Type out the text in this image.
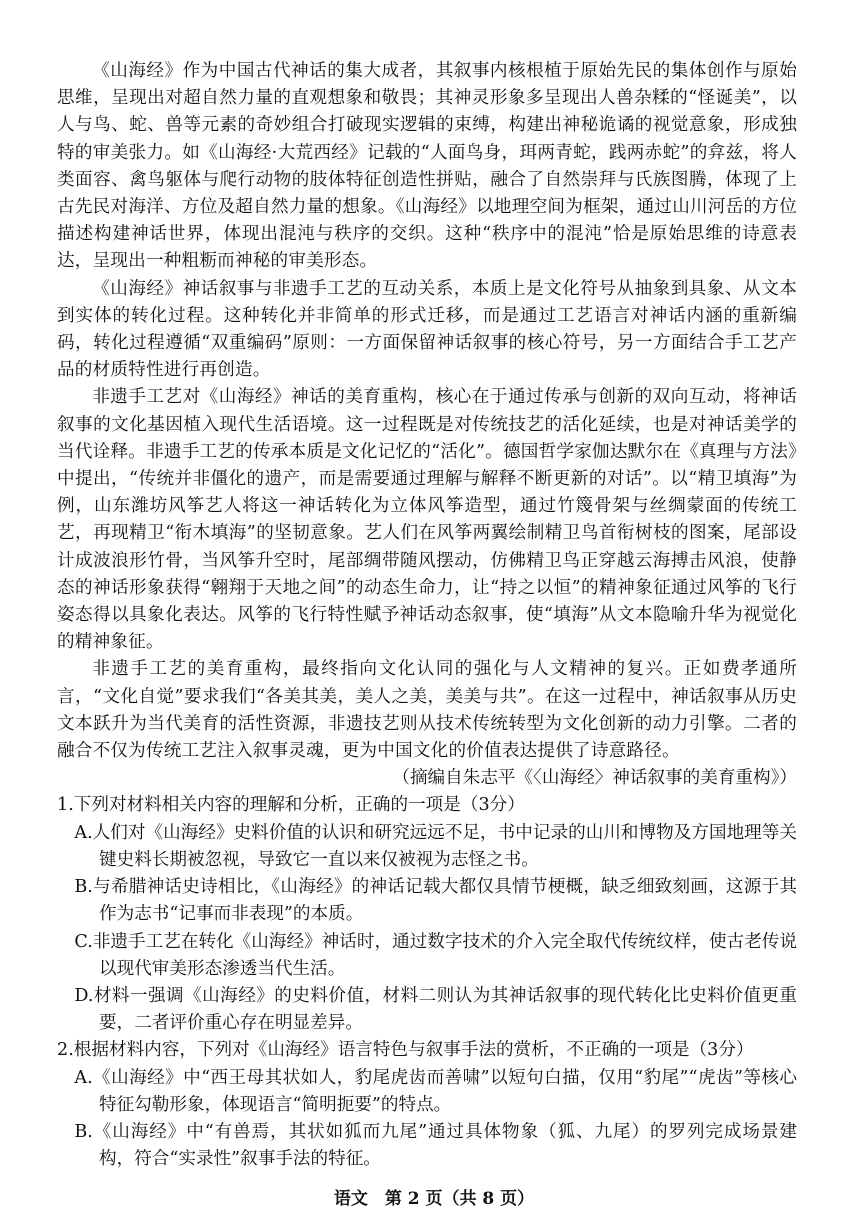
《山海经》作为中国古代神话的集大成者，其叙事内核根植于原始先民的集体创作与原始思维，呈现出对超自然力量的直观想象和敬畏；其神灵形象多呈现出人兽杂糅的“怪诞美”，以人与鸟、蛇、兽等元素的奇妙组合打破现实逻辑的束缚，构建出神秘诡谲的视觉意象，形成独特的审美张力。如《山海经·大荒西经》记载的“人面鸟身，珥两青蛇，践两赤蛇”的弇兹，将人类面容、禽鸟躯体与爬行动物的肢体特征创造性拼贴，融合了自然崇拜与氏族图腾，体现了上古先民对海洋、方位及超自然力量的想象。《山海经》以地理空间为框架，通过山川河岳的方位描述构建神话世界，体现出混沌与秩序的交织。这种“秩序中的混沌”恰是原始思维的诗意表达，呈现出一种粗粝而神秘的审美形态。

《山海经》神话叙事与非遗手工艺的互动关系，本质上是文化符号从抽象到具象、从文本到实体的转化过程。这种转化并非简单的形式迁移，而是通过工艺语言对神话内涵的重新编码，转化过程遵循“双重编码”原则：一方面保留神话叙事的核心符号，另一方面结合手工艺产品的材质特性进行再创造。

非遗手工艺对《山海经》神话的美育重构，核心在于通过传承与创新的双向互动，将神话叙事的文化基因植入现代生活语境。这一过程既是对传统技艺的活化延续，也是对神话美学的当代诠释。非遗手工艺的传承本质是文化记忆的“活化”。德国哲学家伽达默尔在《真理与方法》中提出，“传统并非僵化的遗产，而是需要通过理解与解释不断更新的对话”。以“精卫填海”为例，山东潍坊风筝艺人将这一神话转化为立体风筝造型，通过竹篾骨架与丝绸蒙面的传统工艺，再现精卫“衔木填海”的坚韧意象。艺人们在风筝两翼绘制精卫鸟首衔树枝的图案，尾部设计成波浪形竹骨，当风筝升空时，尾部绸带随风摆动，仿佛精卫鸟正穿越云海搏击风浪，使静态的神话形象获得“翱翔于天地之间”的动态生命力，让“持之以恒”的精神象征通过风筝的飞行姿态得以具象化表达。风筝的飞行特性赋予神话动态叙事，使“填海”从文本隐喻升华为视觉化的精神象征。

非遗手工艺的美育重构，最终指向文化认同的强化与人文精神的复兴。正如费孝通所言，“文化自觉”要求我们“各美其美，美人之美，美美与共”。在这一过程中，神话叙事从历史文本跃升为当代美育的活性资源，非遗技艺则从技术传统转型为文化创新的动力引擎。二者的融合不仅为传统工艺注入叙事灵魂，更为中国文化的价值表达提供了诗意路径。

（摘编自朱志平《〈山海经〉神话叙事的美育重构》）

1.下列对材料相关内容的理解和分析，正确的一项是（3分）

A.人们对《山海经》史料价值的认识和研究远远不足，书中记录的山川和博物及方国地理等关键史料长期被忽视，导致它一直以来仅被视为志怪之书。

B.与希腊神话史诗相比，《山海经》的神话记载大都仅具情节梗概，缺乏细致刻画，这源于其作为志书“记事而非表现”的本质。

C.非遗手工艺在转化《山海经》神话时，通过数字技术的介入完全取代传统纹样，使古老传说以现代审美形态渗透当代生活。

D.材料一强调《山海经》的史料价值，材料二则认为其神话叙事的现代转化比史料价值更重要，二者评价重心存在明显差异。

2.根据材料内容，下列对《山海经》语言特色与叙事手法的赏析，不正确的一项是（3分）

A.《山海经》中“西王母其状如人，豹尾虎齿而善啸”以短句白描，仅用“豹尾”“虎齿”等核心特征勾勒形象，体现语言“简明扼要”的特点。

B.《山海经》中“有兽焉，其状如狐而九尾”通过具体物象（狐、九尾）的罗列完成场景建构，符合“实录性”叙事手法的特征。

语文　第 2 页（共 8 页）
